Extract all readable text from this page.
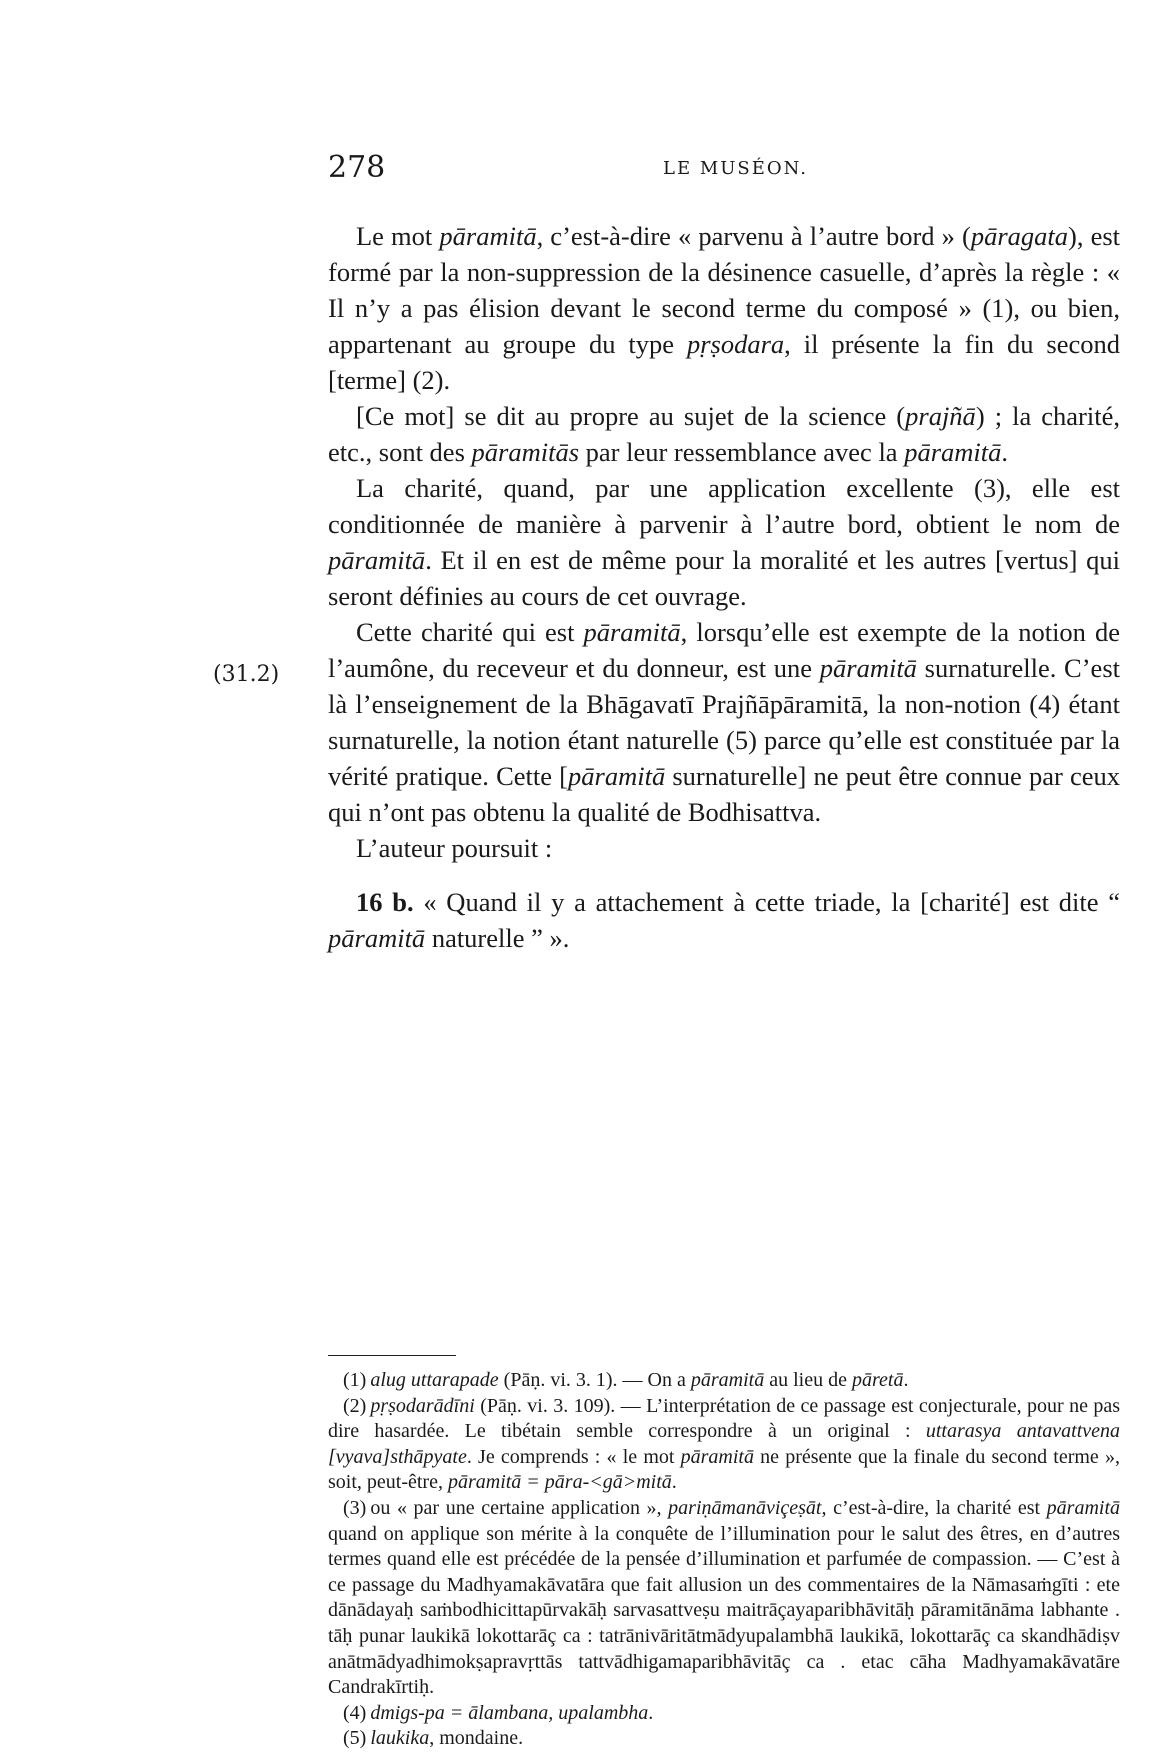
278	LE MUSÉON.
(31.2)

Le mot pāramitā, c’est-à-dire « parvenu à l’autre bord » (pāragata), est formé par la non-suppression de la désinence casuelle, d’après la règle : « Il n’y a pas élision devant le second terme du composé » (1), ou bien, appartenant au groupe du type pṛṣodara, il présente la fin du second [terme] (2).

[Ce mot] se dit au propre au sujet de la science (prajñā) ; la charité, etc., sont des pāramitās par leur ressemblance avec la pāramitā.

La charité, quand, par une application excellente (3), elle est conditionnée de manière à parvenir à l’autre bord, obtient le nom de pāramitā. Et il en est de même pour la moralité et les autres [vertus] qui seront définies au cours de cet ouvrage.

Cette charité qui est pāramitā, lorsqu’elle est exempte de la notion de l’aumône, du receveur et du donneur, est une pāramitā surnaturelle. C’est là l’enseignement de la Bhāgavatī Prajñāpāramitā, la non-notion (4) étant surnaturelle, la notion étant naturelle (5) parce qu’elle est constituée par la vérité pratique. Cette [pāramitā surnaturelle] ne peut être connue par ceux qui n’ont pas obtenu la qualité de Bodhisattva.

L’auteur poursuit :

16 b. « Quand il y a attachement à cette triade, la [charité] est dite “ pāramitā naturelle ” ».

(1) alug uttarapade (Pāṇ. vi. 3. 1). — On a pāramitā au lieu de pāretā.

(2) pṛṣodarādīni (Pāṇ. vi. 3. 109). — L’interprétation de ce passage est conjecturale, pour ne pas dire hasardée. Le tibétain semble correspondre à un original : uttarasya antavattvena [vyava]sthāpyate. Je comprends : « le mot pāramitā ne présente que la finale du second terme », soit, peut-être, pāramitā = pāra-<gā>mitā.

(3) ou « par une certaine application », pariṇāmanāviçeṣāt, c’est-à-dire, la charité est pāramitā quand on applique son mérite à la conquête de l’illumination pour le salut des êtres, en d’autres termes quand elle est précédée de la pensée d’illumination et parfumée de compassion. — C’est à ce passage du Madhyamakāvatāra que fait allusion un des commentaires de la Nāmasaṁgīti : ete dānādayaḥ saṁbodhicittapūrvakāḥ sarvasattveṣu maitrāçayaparibhāvitāḥ pāramitānāma labhante . tāḥ punar laukikā lokottarāç ca : tatrānivāritātmādyupalambhā laukikā, lokottarāç ca skandhādiṣv anātmādyadhimokṣapravṛttās tattvādhigamaparibhāvitāç ca . etac cāha Madhyamakāvatāre Candrakīrtiḥ.

(4) dmigs-pa = ālambana, upalambha.

(5) laukika, mondaine.
